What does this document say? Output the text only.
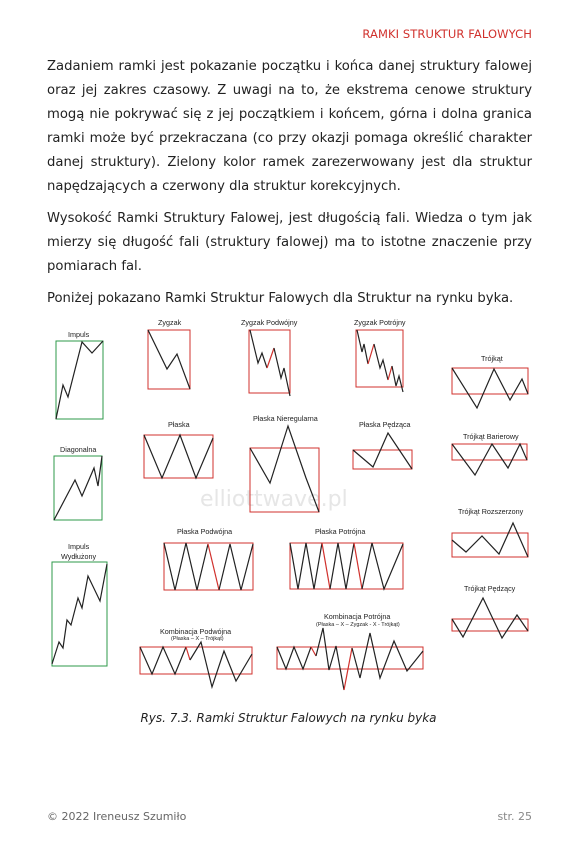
RAMKI STRUKTUR FALOWYCH

Zadaniem ramki jest pokazanie początku i końca danej struktury falowej oraz jej zakres czasowy. Z uwagi na to, że ekstrema cenowe struktury mogą nie pokrywać się z jej początkiem i końcem, górna i dolna granica ramki może być przekraczana (co przy okazji pomaga określić charakter danej struktury). Zielony kolor ramek zarezerwowany jest dla struktur napędzających a czerwony dla struktur korekcyjnych.

Wysokość Ramki Struktury Falowej, jest długością fali. Wiedza o tym jak mierzy się długość fali (struktury falowej) ma to istotne znaczenie przy pomiarach fal.

Poniżej pokazano Ramki Struktur Falowych dla Struktur na rynku byka.

elliottwave.pl
Impuls
Diagonalna
Impuls
Wydłużony
Zygzak	Zygzak Podwójny	Zygzak Potrójny
Trójkąt
Płaska
Płaska Nieregularna
Płaska Pędząca
Trójkąt Barierowy
Płaska Podwójna	Płaska Potrójna
Trójkąt Rozszerzony
Trójkąt Pędzący
Kombinacja Podwójna
(Płaska – X – Trójkąt)
Kombinacja Potrójna
(Płaska – X – Zygzak - X - Trójkąt)
Rys. 7.3. Ramki Struktur Falowych na rynku byka
© 2022 Ireneusz Szumiło	str. 25
